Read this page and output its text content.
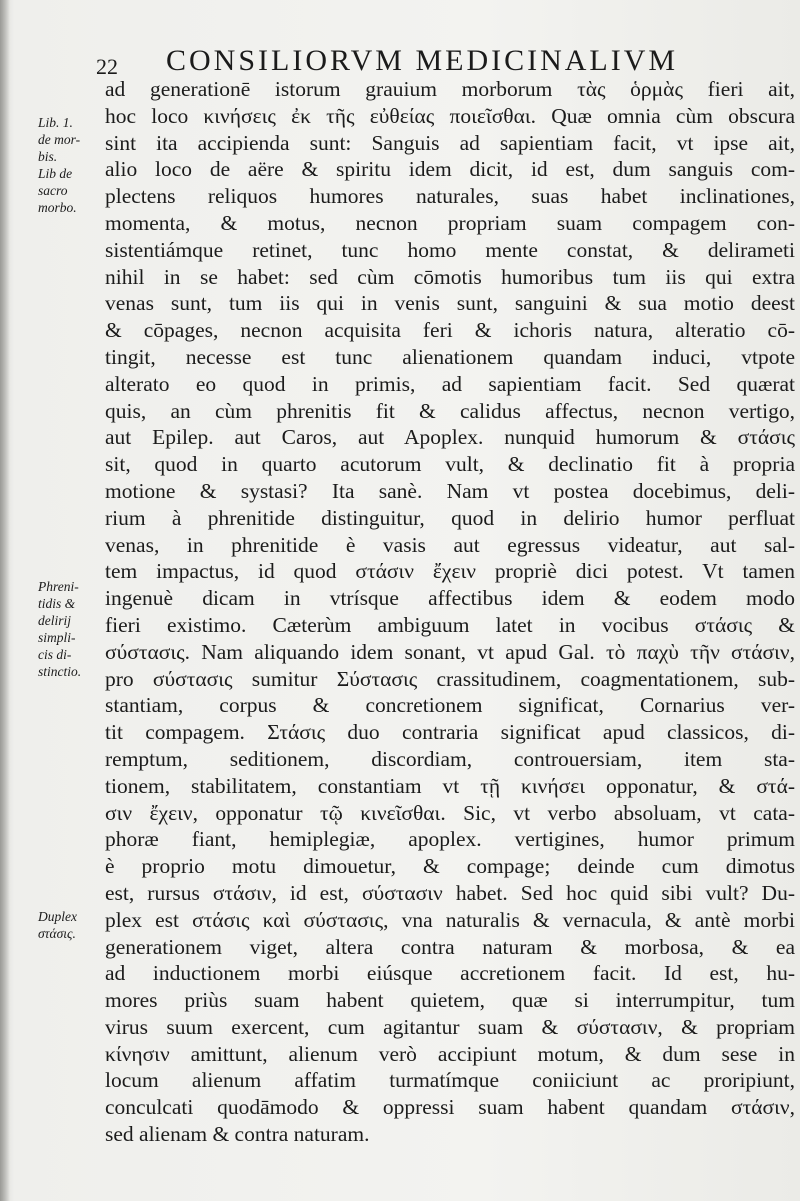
22 CONSILIORVM MEDICINALIVM
Lib. 1.
de mor-
bis.
Lib de
sacro
morbo.
Phreni-
tidis &
delirij
simpli-
cis di-
stinctio.
Duplex
στάσις.
ad generationē istorum grauium morborum τὰς ὁρμὰς fieri ait,
hoc loco κινήσεις ἐκ τῆς εὐθείας ποιεῖσθαι. Quæ omnia cùm obscura
sint ita accipienda sunt: Sanguis ad sapientiam facit, vt ipse ait,
alio loco de aëre & spiritu idem dicit, id est, dum sanguis com-
plectens reliquos humores naturales, suas habet inclinationes,
momenta, & motus, necnon propriam suam compagem con-
sistentiámque retinet, tunc homo mente constat, & delirameti
nihil in se habet: sed cùm cōmotis humoribus tum iis qui extra
venas sunt, tum iis qui in venis sunt, sanguini & sua motio deest
& cōpages, necnon acquisita feri & ichoris natura, alteratio cō-
tingit, necesse est tunc alienationem quandam induci, vtpote
alterato eo quod in primis, ad sapientiam facit. Sed quærat
quis, an cùm phrenitis fit & calidus affectus, necnon vertigo,
aut Epilep. aut Caros, aut Apoplex. nunquid humorum & στάσις
sit, quod in quarto acutorum vult, & declinatio fit à propria
motione & systasi? Ita sanè. Nam vt postea docebimus, deli-
rium à phrenitide distinguitur, quod in delirio humor perfluat
venas, in phrenitide è vasis aut egressus videatur, aut sal-
tem impactus, id quod στάσιν ἔχειν propriè dici potest. Vt tamen
ingenuè dicam in vtrísque affectibus idem & eodem modo
fieri existimo. Cæterùm ambiguum latet in vocibus στάσις &
σύστασις. Nam aliquando idem sonant, vt apud Gal. τὸ παχὺ τῆν στάσιν,
pro σύστασις sumitur Σύστασις crassitudinem, coagmentationem, sub-
stantiam, corpus & concretionem significat, Cornarius ver-
tit compagem. Στάσις duo contraria significat apud classicos, di-
remptum, seditionem, discordiam, controuersiam, item sta-
tionem, stabilitatem, constantiam vt τῇ κινήσει opponatur, & στά-
σιν ἔχειν, opponatur τῷ κινεῖσθαι. Sic, vt verbo absoluam, vt cata-
phoræ fiant, hemiplegiæ, apoplex. vertigines, humor primum
è proprio motu dimouetur, & compage; deinde cum dimotus
est, rursus στάσιν, id est, σύστασιν habet. Sed hoc quid sibi vult? Du-
plex est στάσις καὶ σύστασις, vna naturalis & vernacula, & antè morbi
generationem viget, altera contra naturam & morbosa, & ea
ad inductionem morbi eiúsque accretionem facit. Id est, hu-
mores priùs suam habent quietem, quæ si interrumpitur, tum
virus suum exercent, cum agitantur suam & σύστασιν, & propriam
κίνησιν amittunt, alienum verò accipiunt motum, & dum sese in
locum alienum affatim turmatímque coniiciunt ac proripiunt,
conculcati quodāmodo & oppressi suam habent quandam στάσιν,
sed alienam & contra naturam.
